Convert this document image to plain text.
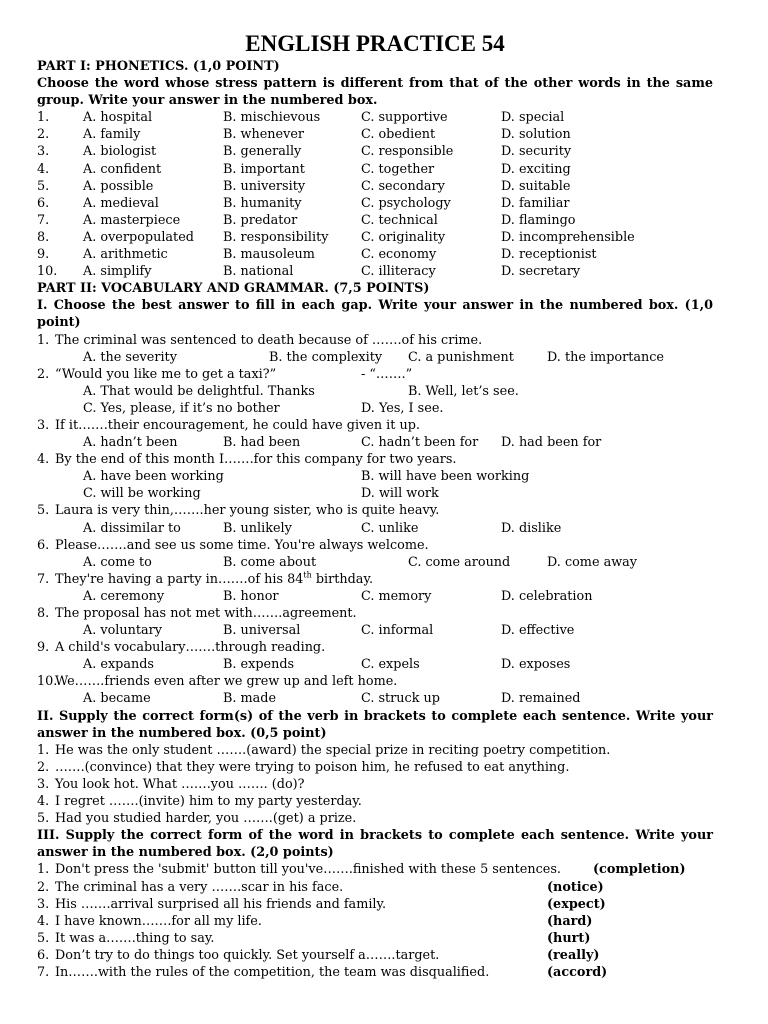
ENGLISH PRACTICE 54
PART I: PHONETICS. (1,0 POINT)
Choose the word whose stress pattern is different from that of the other words in the same
group. Write your answer in the numbered box.
1.	A. hospital	B. mischievous	C. supportive	D. special
2.	A. family	B. whenever	C. obedient	D. solution
3.	A. biologist	B. generally	C. responsible	D. security
4.	A. confident	B. important	C. together	D. exciting
5.	A. possible	B. university	C. secondary	D. suitable
6.	A. medieval	B. humanity	C. psychology	D. familiar
7.	A. masterpiece	B. predator	C. technical	D. flamingo
8.	A. overpopulated B. responsibility	C. originality	D. incomprehensible
9.	A. arithmetic	B. mausoleum	C. economy	D. receptionist
10. A. simplify	B. national	C. illiteracy	D. secretary
PART II: VOCABULARY AND GRAMMAR. (7,5 POINTS)
I. Choose the best answer to fill in each gap. Write your answer in the numbered box. (1,0
point)
1. The criminal was sentenced to death because of …….of his crime.
A. the severity	B. the complexity C. a punishment	D. the importance
2. “Would you like me to get a taxi?”	- “…….”
A. That would be delightful. Thanks	B. Well, let’s see.
C. Yes, please, if it’s no bother	D. Yes, I see.
3. If it…….their encouragement, he could have given it up.
A. hadn’t been	B. had been	C. hadn’t been for D. had been for
4. By the end of this month I…….for this company for two years.
A. have been working	B. will have been working
C. will be working	D. will work
5. Laura is very thin,…….her young sister, who is quite heavy.
A. dissimilar to	B. unlikely	C. unlike	D. dislike
6. Please…….and see us some time. You're always welcome.
A. come to	B. come about	C. come around	D. come away
7. They're having a party in…….of his 84th birthday.
A. ceremony	B. honor	C. memory	D. celebration
8. The proposal has not met with…….agreement.
A. voluntary	B. universal	C. informal	D. effective
9. A child's vocabulary…….through reading.
A. expands	B. expends	C. expels	D. exposes
10.
We…….friends even after we grew up and left home.
A. became	B. made	C. struck up	D. remained
II. Supply the correct form(s) of the verb in brackets to complete each sentence. Write your
answer in the numbered box. (0,5 point)
1. He was the only student …….(award) the special prize in reciting poetry competition.
2. …….(convince) that they were trying to poison him, he refused to eat anything.
3. You look hot. What …….you ……. (do)?
4. I regret …….(invite) him to my party yesterday.
5. Had you studied harder, you …….(get) a prize.
III. Supply the correct form of the word in brackets to complete each sentence. Write your
answer in the numbered box. (2,0 points)
1. Don't press the 'submit' button till you've…….finished with these 5 sentences.	(completion)
2. The criminal has a very …….scar in his face.	(notice)
3. His …….arrival surprised all his friends and family.	(expect)
4. I have known…….for all my life.	(hard)
5. It was a…….thing to say.	(hurt)
6. Don’t try to do things too quickly. Set yourself a…….target.	(really)
7. In…….with the rules of the competition, the team was disqualified.	(accord)
